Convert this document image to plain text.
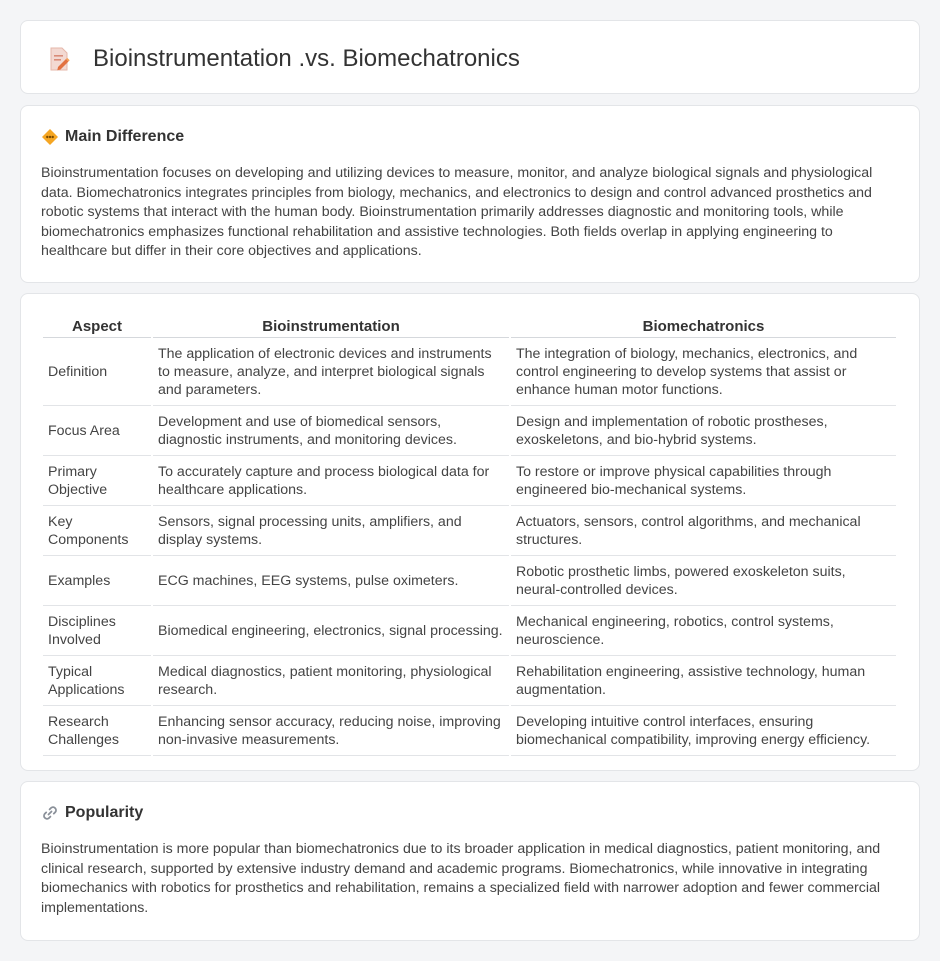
Bioinstrumentation .vs. Biomechatronics
Main Difference

Bioinstrumentation focuses on developing and utilizing devices to measure, monitor, and analyze biological signals and physiological data. Biomechatronics integrates principles from biology, mechanics, and electronics to design and control advanced prosthetics and robotic systems that interact with the human body. Bioinstrumentation primarily addresses diagnostic and monitoring tools, while biomechatronics emphasizes functional rehabilitation and assistive technologies. Both fields overlap in applying engineering to healthcare but differ in their core objectives and applications.

Aspect	Bioinstrumentation	Biomechatronics
Definition	The application of electronic devices and instruments to measure, analyze, and interpret biological signals and parameters.	The integration of biology, mechanics, electronics, and control engineering to develop systems that assist or enhance human motor functions.
Focus Area	Development and use of biomedical sensors, diagnostic instruments, and monitoring devices.	Design and implementation of robotic prostheses, exoskeletons, and bio-hybrid systems.
Primary Objective	To accurately capture and process biological data for healthcare applications.	To restore or improve physical capabilities through engineered bio-mechanical systems.
Key Components	Sensors, signal processing units, amplifiers, and display systems.	Actuators, sensors, control algorithms, and mechanical structures.
Examples	ECG machines, EEG systems, pulse oximeters.	Robotic prosthetic limbs, powered exoskeleton suits, neural-controlled devices.
Disciplines Involved	Biomedical engineering, electronics, signal processing.	Mechanical engineering, robotics, control systems, neuroscience.
Typical Applications	Medical diagnostics, patient monitoring, physiological research.	Rehabilitation engineering, assistive technology, human augmentation.
Research Challenges	Enhancing sensor accuracy, reducing noise, improving non-invasive measurements.	Developing intuitive control interfaces, ensuring biomechanical compatibility, improving energy efficiency.
Popularity

Bioinstrumentation is more popular than biomechatronics due to its broader application in medical diagnostics, patient monitoring, and clinical research, supported by extensive industry demand and academic programs. Biomechatronics, while innovative in integrating biomechanics with robotics for prosthetics and rehabilitation, remains a specialized field with narrower adoption and fewer commercial implementations.
